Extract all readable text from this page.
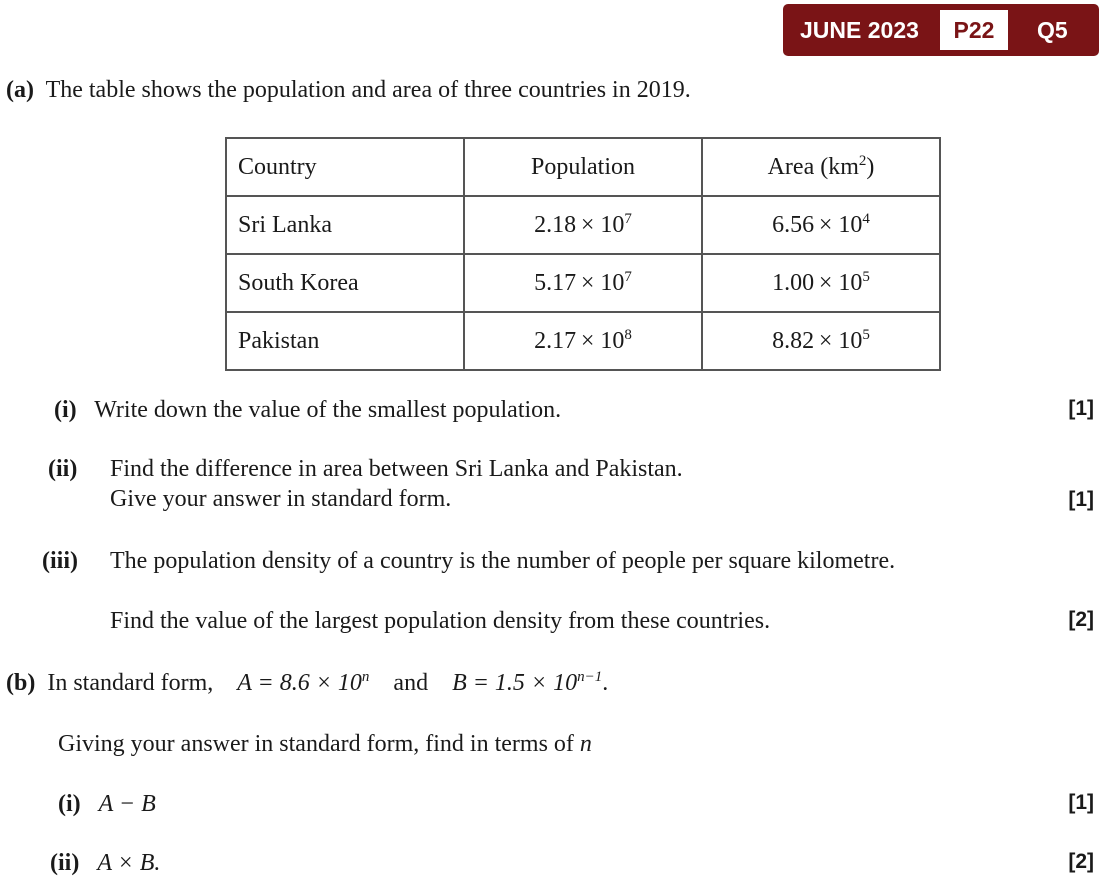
JUNE 2023	P22	Q5
(a) The table shows the population and area of three countries in 2019.
Country	Population	Area $(km^2)$
Sri Lanka	$2.18 \times 10^7$	$6.56 \times 10^4$
South Korea	$5.17 \times 10^7$	$1.00 \times 10^5$
Pakistan	$2.17 \times 10^8$	$8.82 \times 10^5$
(i) Write down the value of the smallest population.	[1]
(ii) Find the difference in area between Sri Lanka and Pakistan.
Give your answer in standard form.	[1]
(iii) The population density of a country is the number of people per square kilometre.
Find the value of the largest population density from these countries.	[2]
(b) In standard form, $A = 8.6 \times 10^n$ and $B = 1.5 \times 10^{n-1}$.
Giving your answer in standard form, find in terms of n
(i) A − B	[1]
(ii) A × B.	[2]
